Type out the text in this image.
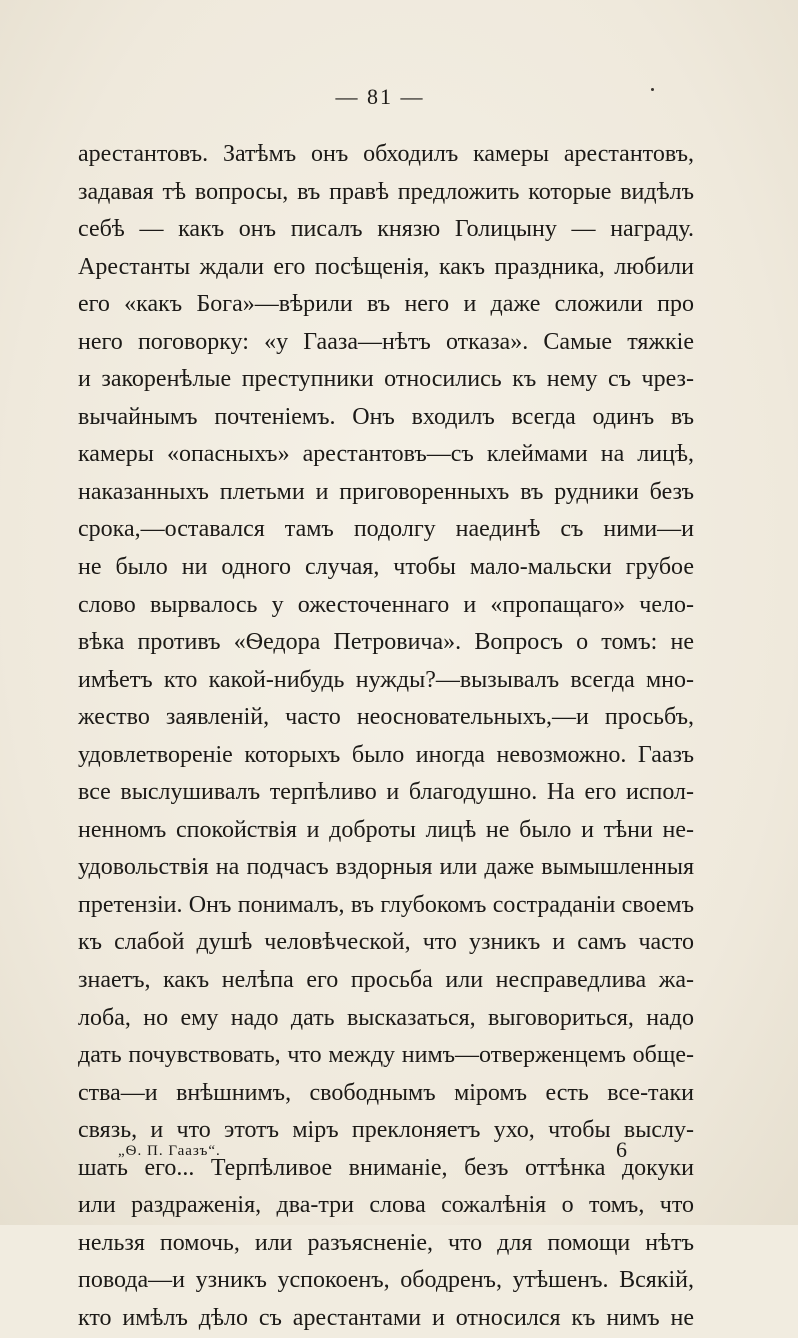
— 81 —
арестантовъ. Затѣмъ онъ обходилъ камеры арестантовъ,
задавая тѣ вопросы, въ правѣ предложить которые видѣлъ
себѣ — какъ онъ писалъ князю Голицыну — награду.
Арестанты ждали его посѣщенія, какъ праздника, любили
его «какъ Бога»—вѣрили въ него и даже сложили про
него поговорку: «у Гааза—нѣтъ отказа». Самые тяжкіе
и закоренѣлые преступники относились къ нему съ чрез-
вычайнымъ почтеніемъ. Онъ входилъ всегда одинъ въ
камеры «опасныхъ» арестантовъ—съ клеймами на лицѣ,
наказанныхъ плетьми и приговоренныхъ въ рудники безъ
срока,—оставался тамъ подолгу наединѣ съ ними—и
не было ни одного случая, чтобы мало-мальски грубое
слово вырвалось у ожесточеннаго и «пропащаго» чело-
вѣка противъ «Ѳедора Петровича». Вопросъ о томъ: не
имѣетъ кто какой-нибудь нужды?—вызывалъ всегда мно-
жество заявленій, часто неосновательныхъ,—и просьбъ,
удовлетвореніе которыхъ было иногда невозможно. Гаазъ
все выслушивалъ терпѣливо и благодушно. На его испол-
ненномъ спокойствія и доброты лицѣ не было и тѣни не-
удовольствія на подчасъ вздорныя или даже вымышленныя
претензіи. Онъ понималъ, въ глубокомъ состраданіи своемъ
къ слабой душѣ человѣческой, что узникъ и самъ часто
знаетъ, какъ нелѣпа его просьба или несправедлива жа-
лоба, но ему надо дать высказаться, выговориться, надо
дать почувствовать, что между нимъ—отверженцемъ обще-
ства—и внѣшнимъ, свободнымъ міромъ есть все-таки
связь, и что этотъ міръ преклоняетъ ухо, чтобы выслу-
шать его... Терпѣливое вниманіе, безъ оттѣнка докуки
или раздраженія, два-три слова сожалѣнія о томъ, что
нельзя помочь, или разъясненіе, что для помощи нѣтъ
повода—и узникъ успокоенъ, ободренъ, утѣшенъ. Всякій,
кто имѣлъ дѣло съ арестантами и относился къ нимъ не
„Ѳ. П. Гаазъ“.	6
